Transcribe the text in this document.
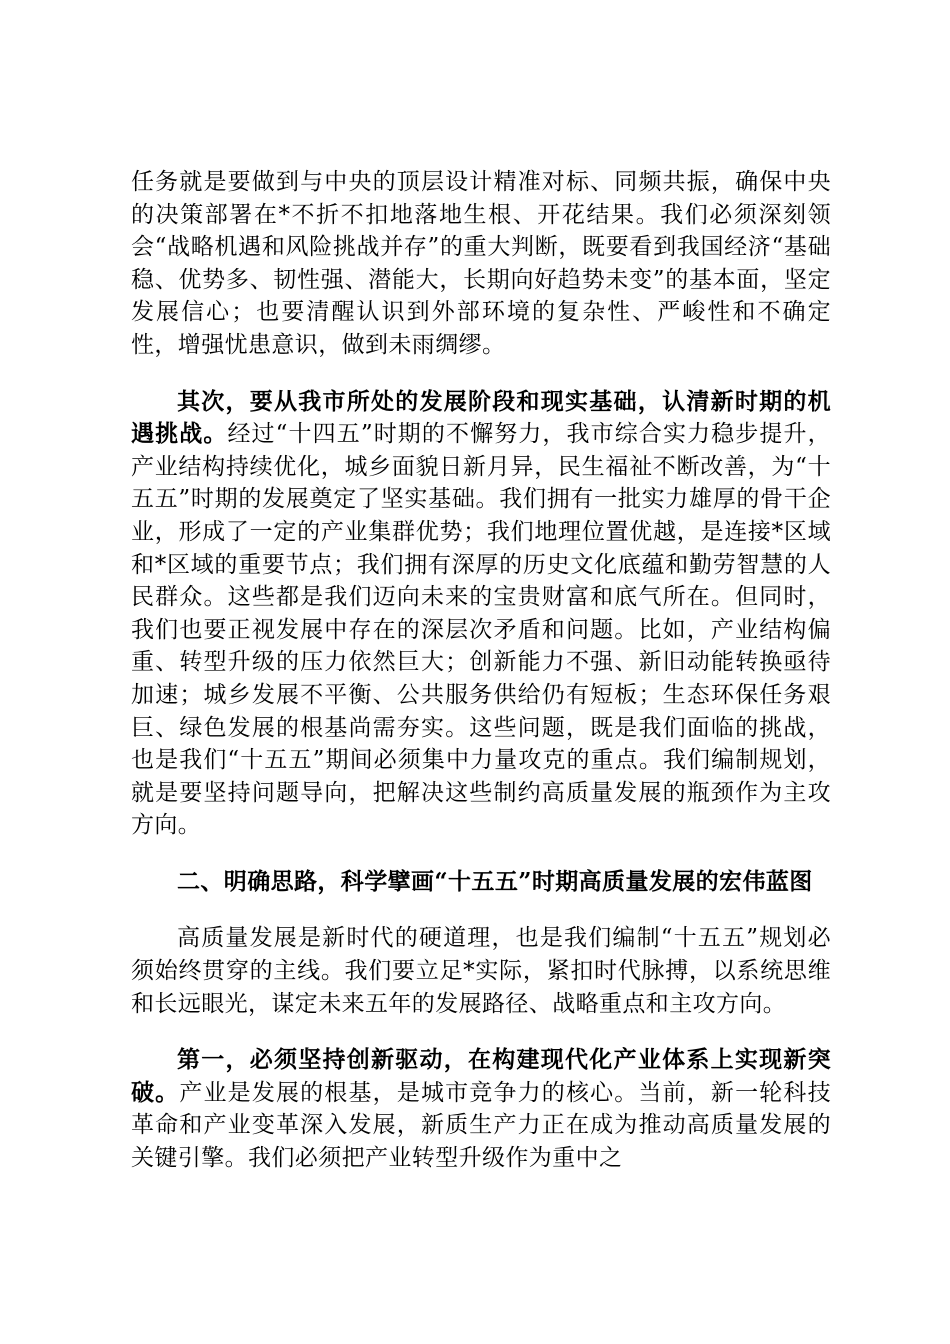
任务就是要做到与中央的顶层设计精准对标、同频共振，确保中央的决策部署在*不折不扣地落地生根、开花结果。我们必须深刻领会“战略机遇和风险挑战并存”的重大判断，既要看到我国经济“基础稳、优势多、韧性强、潜能大，长期向好趋势未变”的基本面，坚定发展信心；也要清醒认识到外部环境的复杂性、严峻性和不确定性，增强忧患意识，做到未雨绸缪。

其次，要从我市所处的发展阶段和现实基础，认清新时期的机遇挑战。经过“十四五”时期的不懈努力，我市综合实力稳步提升，产业结构持续优化，城乡面貌日新月异，民生福祉不断改善，为“十五五”时期的发展奠定了坚实基础。我们拥有一批实力雄厚的骨干企业，形成了一定的产业集群优势；我们地理位置优越，是连接*区域和*区域的重要节点；我们拥有深厚的历史文化底蕴和勤劳智慧的人民群众。这些都是我们迈向未来的宝贵财富和底气所在。但同时，我们也要正视发展中存在的深层次矛盾和问题。比如，产业结构偏重、转型升级的压力依然巨大；创新能力不强、新旧动能转换亟待加速；城乡发展不平衡、公共服务供给仍有短板；生态环保任务艰巨、绿色发展的根基尚需夯实。这些问题，既是我们面临的挑战，也是我们“十五五”期间必须集中力量攻克的重点。我们编制规划，就是要坚持问题导向，把解决这些制约高质量发展的瓶颈作为主攻方向。

二、明确思路，科学擘画“十五五”时期高质量发展的宏伟蓝图

高质量发展是新时代的硬道理，也是我们编制“十五五”规划必须始终贯穿的主线。我们要立足*实际，紧扣时代脉搏，以系统思维和长远眼光，谋定未来五年的发展路径、战略重点和主攻方向。

第一，必须坚持创新驱动，在构建现代化产业体系上实现新突破。产业是发展的根基，是城市竞争力的核心。当前，新一轮科技革命和产业变革深入发展，新质生产力正在成为推动高质量发展的关键引擎。我们必须把产业转型升级作为重中之
